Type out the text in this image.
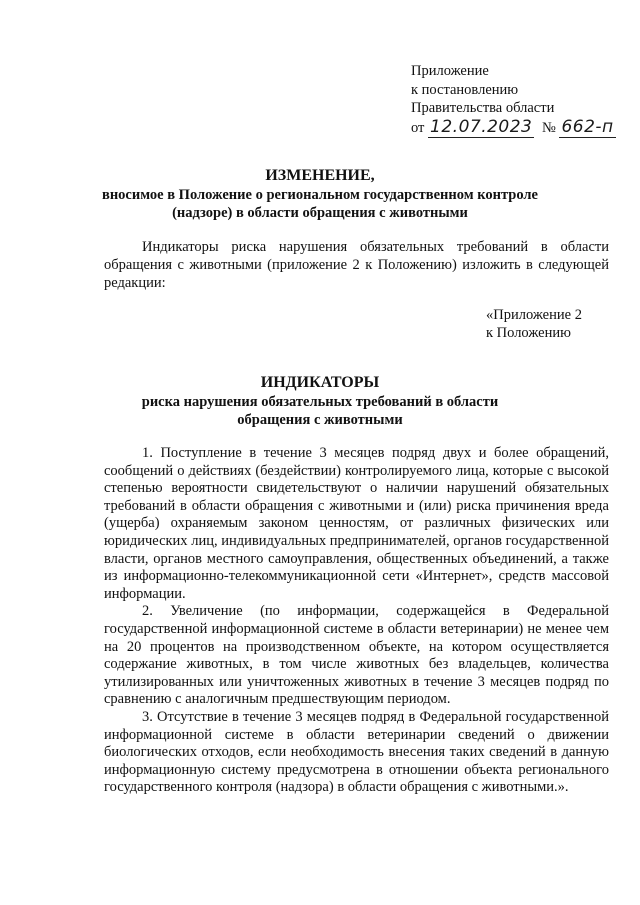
Приложение
к постановлению
Правительства области
от 12.07.2023 № 662-п
ИЗМЕНЕНИЕ,
вносимое в Положение о региональном государственном контроле (надзоре) в области обращения с животными

Индикаторы риска нарушения обязательных требований в области обращения с животными (приложение 2 к Положению) изложить в следующей редакции:

«Приложение 2
к Положению
ИНДИКАТОРЫ
риска нарушения обязательных требований в области обращения с животными

1. Поступление в течение 3 месяцев подряд двух и более обращений, сообщений о действиях (бездействии) контролируемого лица, которые с высокой степенью вероятности свидетельствуют о наличии нарушений обязательных требований в области обращения с животными и (или) риска причинения вреда (ущерба) охраняемым законом ценностям, от различных физических или юридических лиц, индивидуальных предпринимателей, органов государственной власти, органов местного самоуправления, общественных объединений, а также из информационно-телекоммуникационной сети «Интернет», средств массовой информации.

2. Увеличение (по информации, содержащейся в Федеральной государственной информационной системе в области ветеринарии) не менее чем на 20 процентов на производственном объекте, на котором осуществляется содержание животных, в том числе животных без владельцев, количества утилизированных или уничтоженных животных в течение 3 месяцев подряд по сравнению с аналогичным предшествующим периодом.

3. Отсутствие в течение 3 месяцев подряд в Федеральной государственной информационной системе в области ветеринарии сведений о движении биологических отходов, если необходимость внесения таких сведений в данную информационную систему предусмотрена в отношении объекта регионального государственного контроля (надзора) в области обращения с животными.».
